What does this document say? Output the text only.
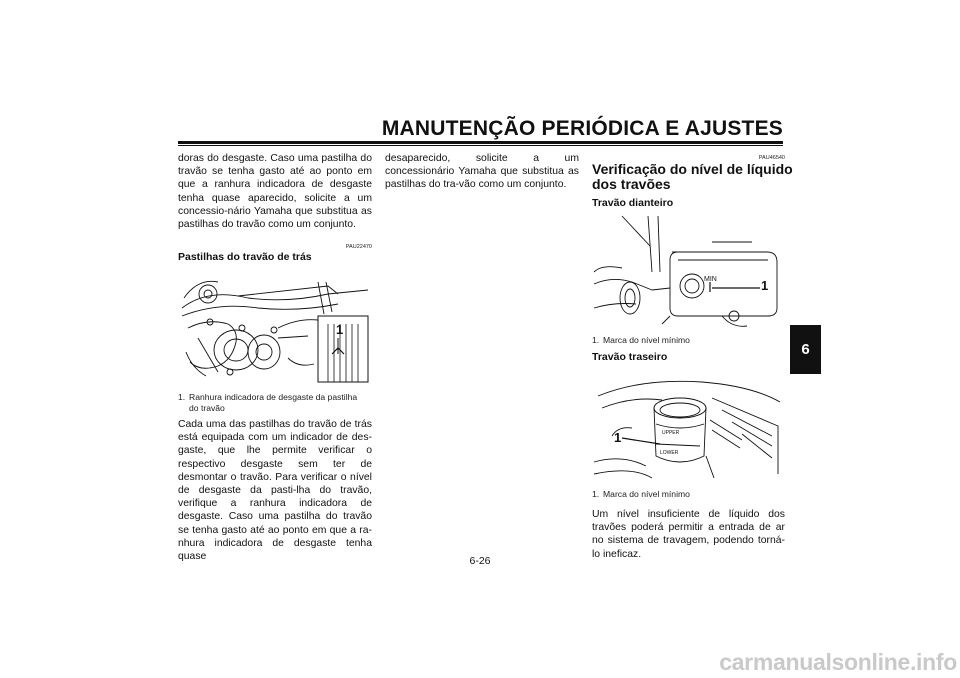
MANUTENÇÃO PERIÓDICA E AJUSTES
6

doras do desgaste. Caso uma pastilha do travão se tenha gasto até ao ponto em que a ranhura indicadora de desgaste tenha quase aparecido, solicite a um concessio-nário Yamaha que substitua as pastilhas do travão como um conjunto.

PAU22470
Pastilhas do travão de trás
1
1. Ranhura indicadora de desgaste da pastilha
do travão

Cada uma das pastilhas do travão de trás está equipada com um indicador de des-gaste, que lhe permite verificar o respectivo desgaste sem ter de desmontar o travão. Para verificar o nível de desgaste da pasti-lha do travão, verifique a ranhura indicadora de desgaste. Caso uma pastilha do travão se tenha gasto até ao ponto em que a ra-nhura indicadora de desgaste tenha quase

desaparecido, solicite a um concessionário Yamaha que substitua as pastilhas do tra-vão como um conjunto.

PAU46540
Verificação do nível de líquido
dos travões
Travão dianteiro
MIN	1
1. Marca do nível mínimo
Travão traseiro
UPPER
LOWER
1
1. Marca do nível mínimo

Um nível insuficiente de líquido dos travões poderá permitir a entrada de ar no sistema de travagem, podendo torná-lo ineficaz.

6-26
carmanualsonline.info
